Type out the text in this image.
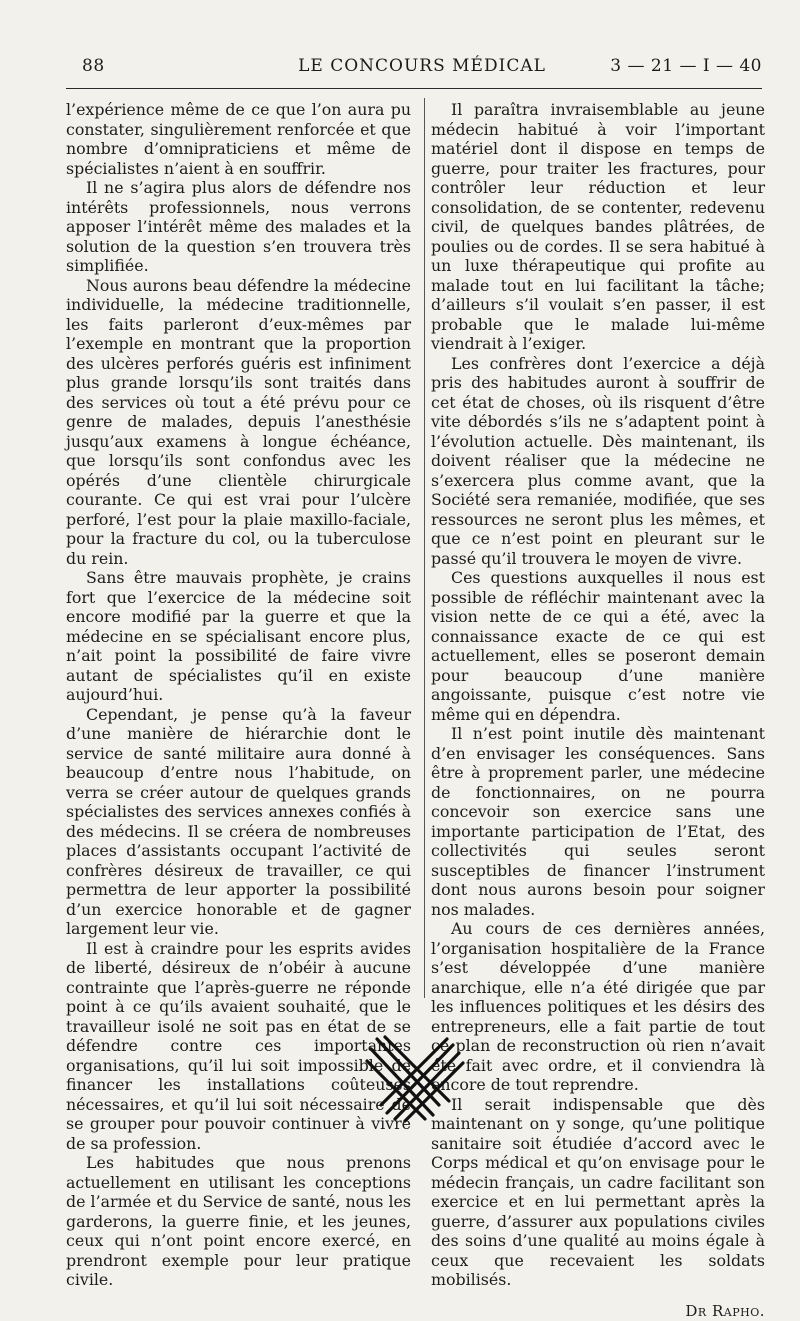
88	LE CONCOURS MÉDICAL	3 — 21 — I — 40

l’expérience même de ce que l’on aura pu constater, singulièrement renforcée et que nombre d’omnipraticiens et même de spécialistes n’aient à en souffrir.

Il ne s’agira plus alors de défendre nos intérêts professionnels, nous verrons apposer l’intérêt même des malades et la solution de la question s’en trouvera très simplifiée.

Nous aurons beau défendre la médecine individuelle, la médecine traditionnelle, les faits parleront d’eux-mêmes par l’exemple en montrant que la proportion des ulcères perforés guéris est infiniment plus grande lorsqu’ils sont traités dans des services où tout a été prévu pour ce genre de malades, depuis l’anesthésie jusqu’aux examens à longue échéance, que lorsqu’ils sont confondus avec les opérés d’une clientèle chirurgicale courante. Ce qui est vrai pour l’ulcère perforé, l’est pour la plaie maxillo-faciale, pour la fracture du col, ou la tuberculose du rein.

Sans être mauvais prophète, je crains fort que l’exercice de la médecine soit encore modifié par la guerre et que la médecine en se spécialisant encore plus, n’ait point la possibilité de faire vivre autant de spécialistes qu’il en existe aujourd’hui.

Cependant, je pense qu’à la faveur d’une manière de hiérarchie dont le service de santé militaire aura donné à beaucoup d’entre nous l’habitude, on verra se créer autour de quelques grands spécialistes des services annexes confiés à des médecins. Il se créera de nombreuses places d’assistants occupant l’activité de confrères désireux de travailler, ce qui permettra de leur apporter la possibilité d’un exercice honorable et de gagner largement leur vie.

Il est à craindre pour les esprits avides de liberté, désireux de n’obéir à aucune contrainte que l’après-guerre ne réponde point à ce qu’ils avaient souhaité, que le travailleur isolé ne soit pas en état de se défendre contre ces importantes organisations, qu’il lui soit impossible de financer les installations coûteuses nécessaires, et qu’il lui soit nécessaire de se grouper pour pouvoir continuer à vivre de sa profession.

Les habitudes que nous prenons actuellement en utilisant les conceptions de l’armée et du Service de santé, nous les garderons, la guerre finie, et les jeunes, ceux qui n’ont point encore exercé, en prendront exemple pour leur pratique civile.

Il paraîtra invraisemblable au jeune médecin habitué à voir l’important matériel dont il dispose en temps de guerre, pour traiter les fractures, pour contrôler leur réduction et leur consolidation, de se contenter, redevenu civil, de quelques bandes plâtrées, de poulies ou de cordes. Il se sera habitué à un luxe thérapeutique qui profite au malade tout en lui facilitant la tâche; d’ailleurs s’il voulait s’en passer, il est probable que le malade lui-même viendrait à l’exiger.

Les confrères dont l’exercice a déjà pris des habitudes auront à souffrir de cet état de choses, où ils risquent d’être vite débordés s’ils ne s’adaptent point à l’évolution actuelle. Dès maintenant, ils doivent réaliser que la médecine ne s’exercera plus comme avant, que la Société sera remaniée, modifiée, que ses ressources ne seront plus les mêmes, et que ce n’est point en pleurant sur le passé qu’il trouvera le moyen de vivre.

Ces questions auxquelles il nous est possible de réfléchir maintenant avec la vision nette de ce qui a été, avec la connaissance exacte de ce qui est actuellement, elles se poseront demain pour beaucoup d’une manière angoissante, puisque c’est notre vie même qui en dépendra.

Il n’est point inutile dès maintenant d’en envisager les conséquences. Sans être à proprement parler, une médecine de fonctionnaires, on ne pourra concevoir son exercice sans une importante participation de l’Etat, des collectivités qui seules seront susceptibles de financer l’instrument dont nous aurons besoin pour soigner nos malades.

Au cours de ces dernières années, l’organisation hospitalière de la France s’est développée d’une manière anarchique, elle n’a été dirigée que par les influences politiques et les désirs des entrepreneurs, elle a fait partie de tout ce plan de reconstruction où rien n’avait été fait avec ordre, et il conviendra là encore de tout reprendre.

Il serait indispensable que dès maintenant on y songe, qu’une politique sanitaire soit étudiée d’accord avec le Corps médical et qu’on envisage pour le médecin français, un cadre facilitant son exercice et en lui permettant après la guerre, d’assurer aux populations civiles des soins d’une qualité au moins égale à ceux que recevaient les soldats mobilisés.

Dr Rapho.
